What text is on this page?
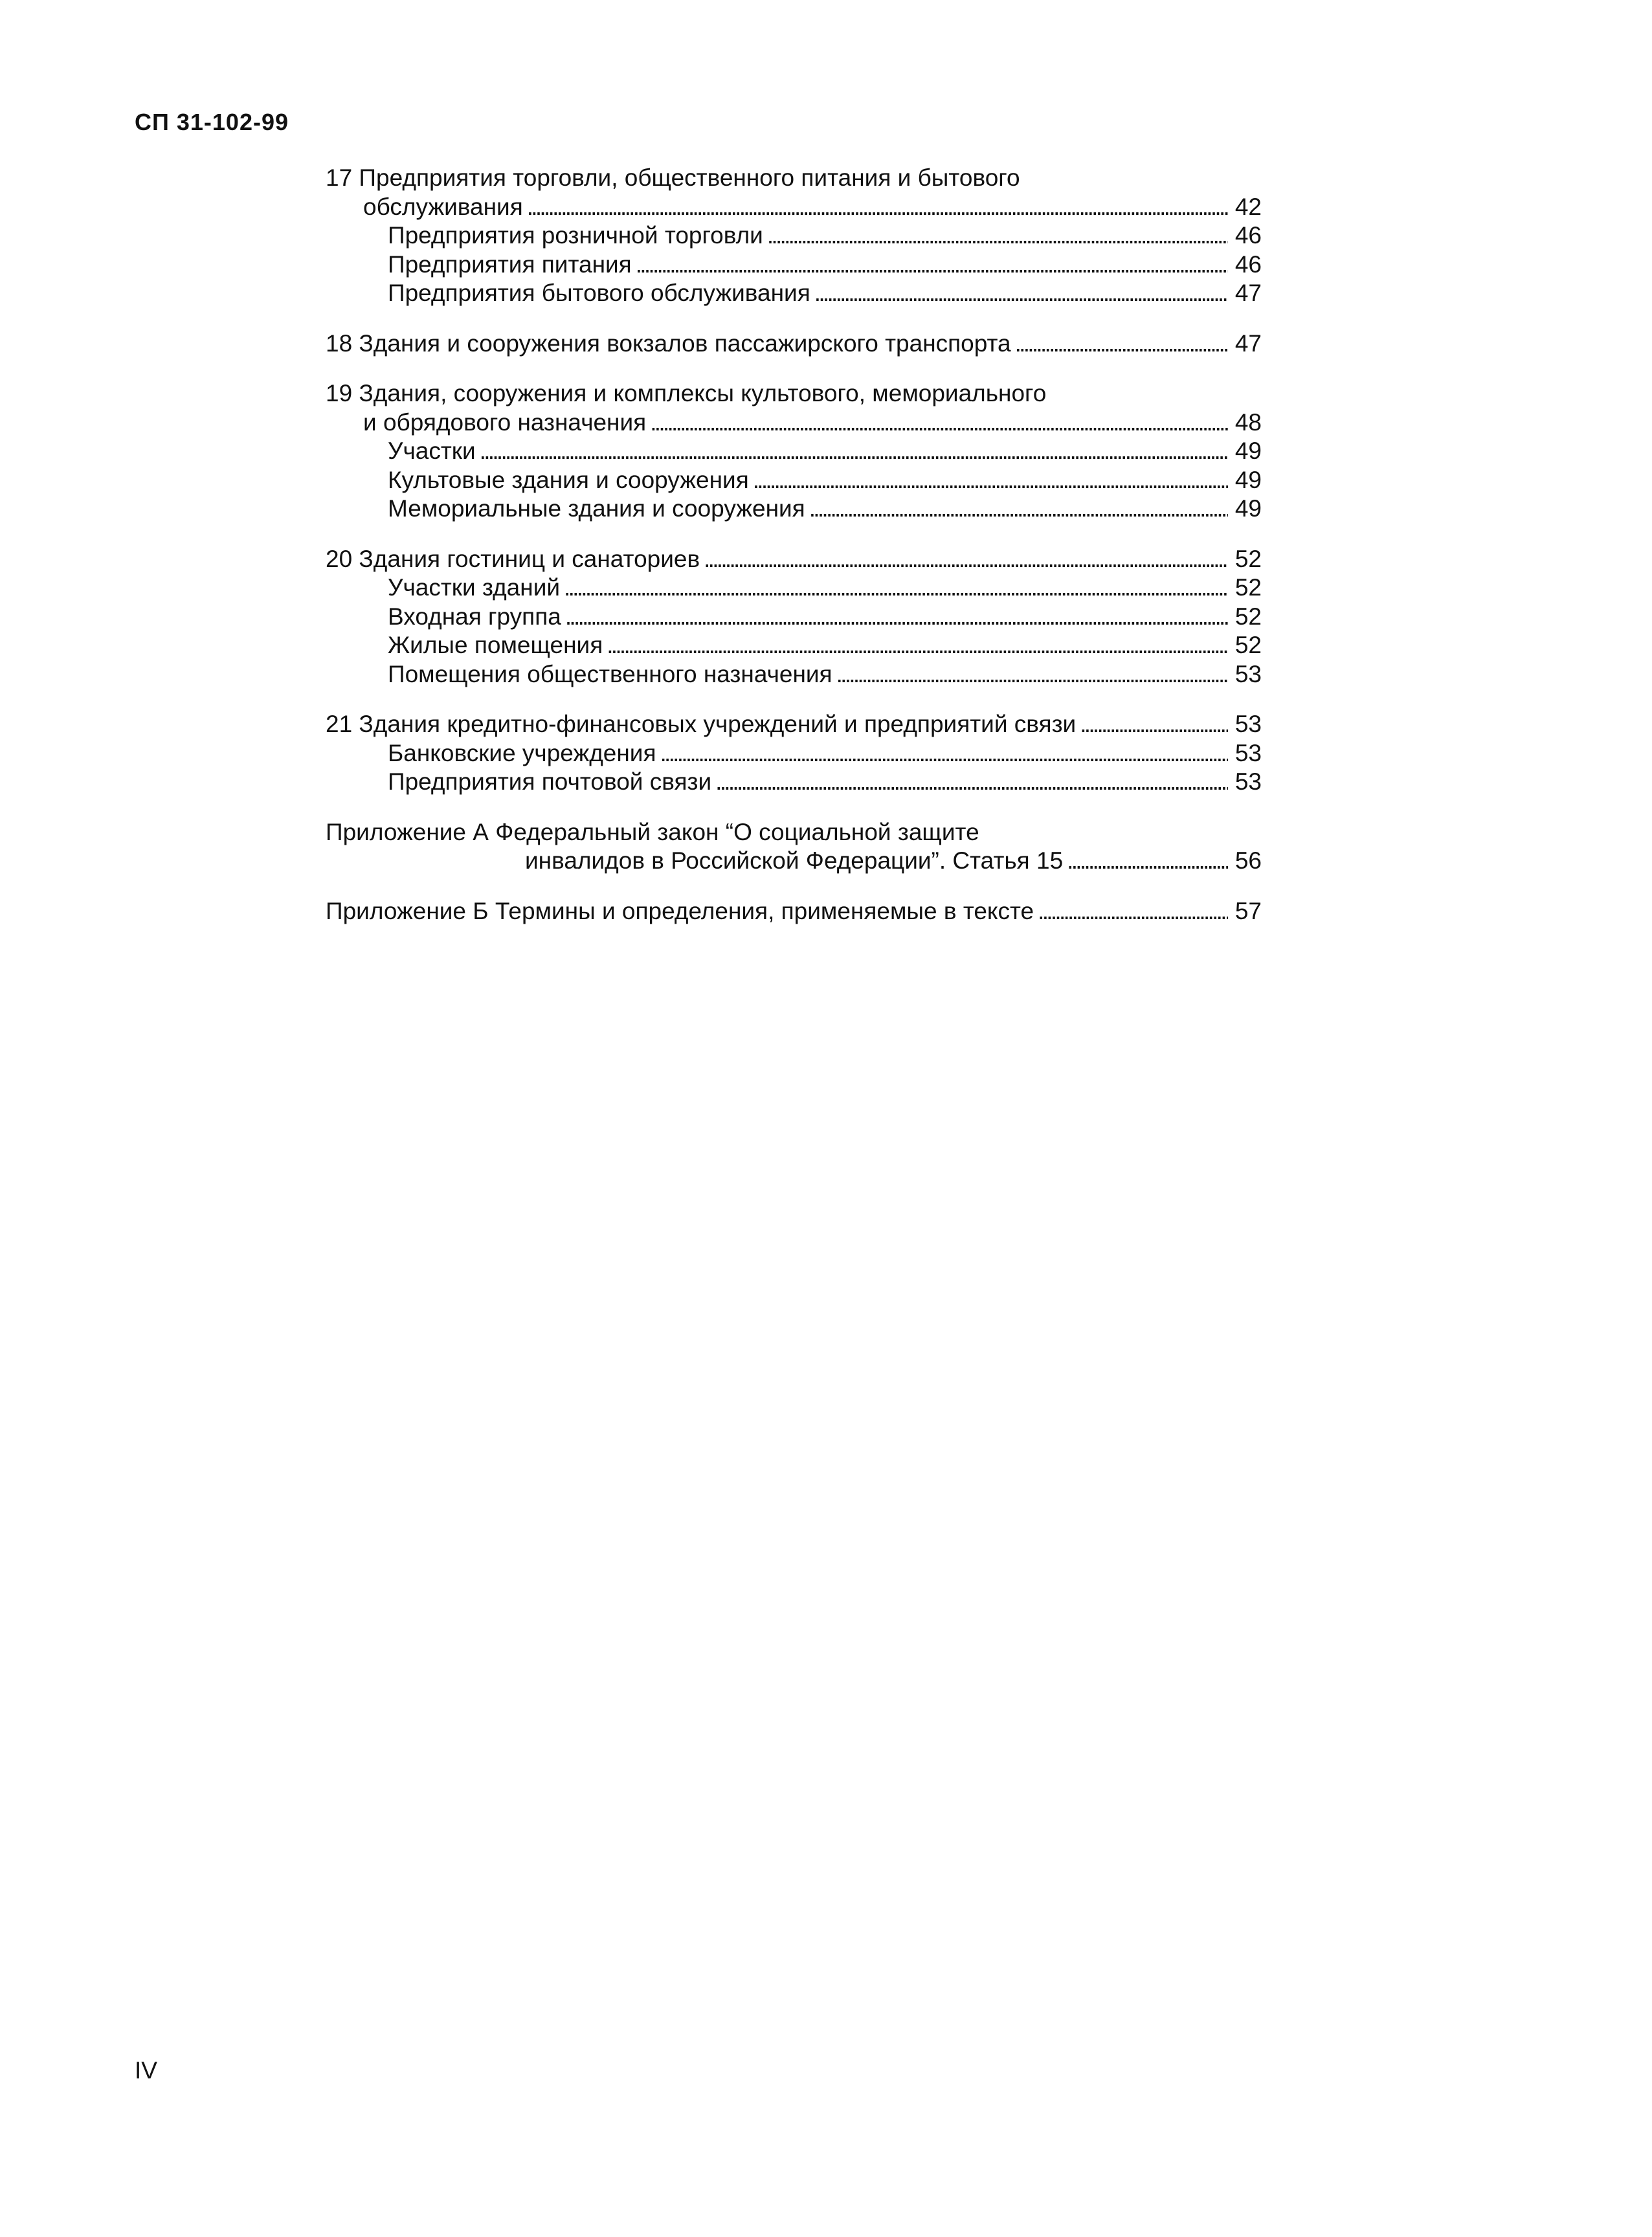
СП 31-102-99
17 Предприятия торговли, общественного питания и бытового
обслуживания . . .	42
Предприятия розничной торговли . . .	46
Предприятия питания . . .	46
Предприятия бытового обслуживания . . .	47
18 Здания и сооружения вокзалов пассажирского транспорта . . .	47
19 Здания, сооружения и комплексы культового, мемориального
и обрядового назначения . . .	48
Участки . . .	49
Культовые здания и сооружения . . .	49
Мемориальные здания и сооружения . . .	49
20 Здания гостиниц и санаториев . . .	52
Участки зданий . . .	52
Входная группа . . .	52
Жилые помещения . . .	52
Помещения общественного назначения . . .	53
21 Здания кредитно-финансовых учреждений и предприятий связи . . .	53
Банковские учреждения . . .	53
Предприятия почтовой связи . . .	53
Приложение А Федеральный закон “О социальной защите
инвалидов в Российской Федерации”. Статья 15 . . .	56
Приложение Б Термины и определения, применяемые в тексте . . .	57
IV
